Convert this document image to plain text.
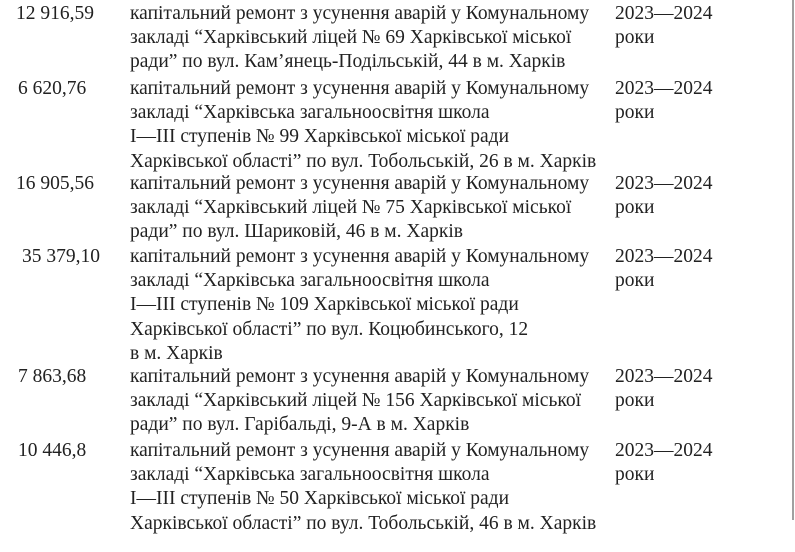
12 916,59 капітальний ремонт з усунення аварій у Комунальному
закладі “Харківський ліцей № 69 Харківської міської
ради” по вул. Кам’янець-Подільській, 44 в м. Харків
2023—2024
роки
6 620,76 капітальний ремонт з усунення аварій у Комунальному
закладі “Харківська загальноосвітня школа
I—III ступенів № 99 Харківської міської ради
Харківської області” по вул. Тобольській, 26 в м. Харків
2023—2024
роки
16 905,56 капітальний ремонт з усунення аварій у Комунальному
закладі “Харківський ліцей № 75 Харківської міської
ради” по вул. Шариковій, 46 в м. Харків
2023—2024
роки
35 379,10 капітальний ремонт з усунення аварій у Комунальному
закладі “Харківська загальноосвітня школа
I—III ступенів № 109 Харківської міської ради
Харківської області” по вул. Коцюбинського, 12
в м. Харків
2023—2024
роки
7 863,68 капітальний ремонт з усунення аварій у Комунальному
закладі “Харківський ліцей № 156 Харківської міської
ради” по вул. Гарібальді, 9-А в м. Харків
2023—2024
роки
10 446,8 капітальний ремонт з усунення аварій у Комунальному
закладі “Харківська загальноосвітня школа
I—III ступенів № 50 Харківської міської ради
Харківської області” по вул. Тобольській, 46 в м. Харків
2023—2024
роки
